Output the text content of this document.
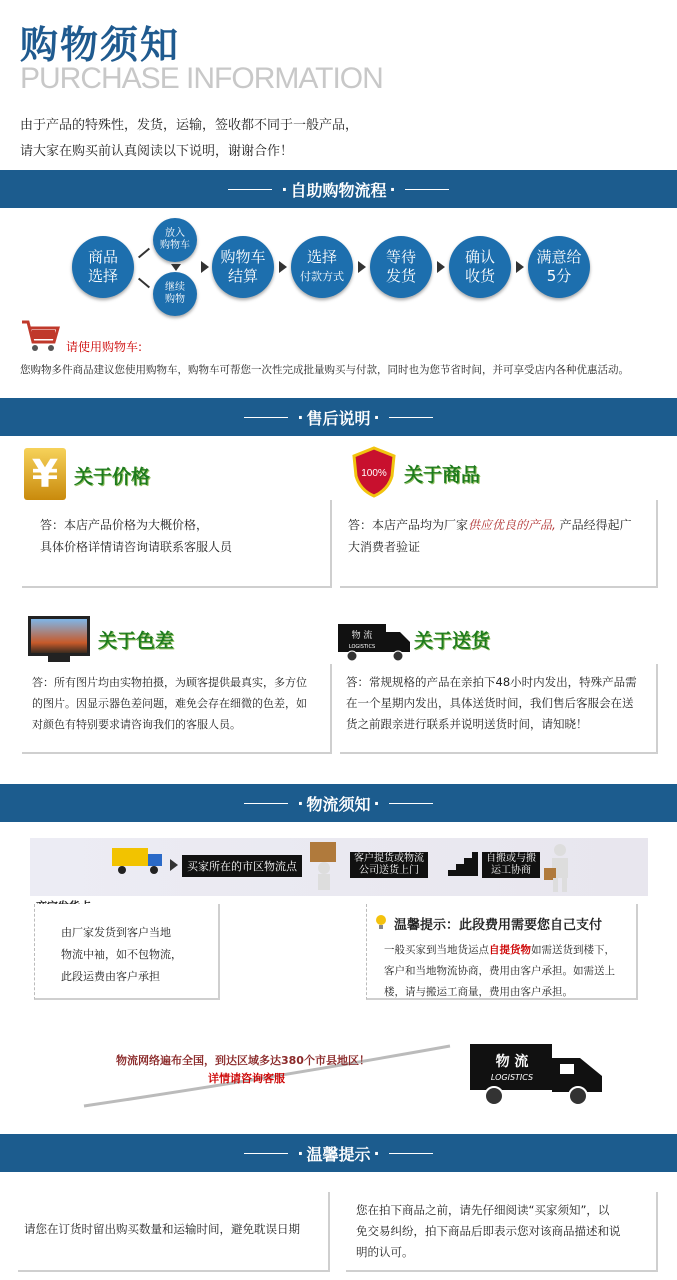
购物须知
PURCHASE INFORMATION
由于产品的特殊性，发货，运输，签收都不同于一般产品，
请大家在购买前认真阅读以下说明，谢谢合作！
· 自助购物流程 ·
商品
选择
放入
购物车
继续
购物
购物车
结算
选择
付款方式
等待
发货
确认
收货
满意给
5分
请使用购物车:
您购物多件商品建议您使用购物车，购物车可帮您一次性完成批量购买与付款，同时也为您节省时间，并可享受店内各种优惠活动。
· 售后说明 ·
¥ 关于价格
答：本店产品价格为大概价格，
具体价格详情请咨询请联系客服人员
100% 关于商品
答：本店产品均为厂家供应优良的产品, 产品经得起广
大消费者验证
关于色差
答：所有图片均由实物拍摄，为顾客提供最真实，多方位
的图片。因显示器色差问题，难免会存在细微的色差，如
对颜色有特别要求请咨询我们的客服人员。
物 流
LOGISTICS 关于送货
答：常规规格的产品在亲拍下48小时内发出，特殊产品需
在一个星期内发出，具体送货时间，我们售后客服会在送
货之前跟亲进行联系并说明送货时间，请知晓！
· 物流须知 ·
买家所在的市区物流点
客户提货或物流
公司送货上门
自搬或与搬
运工协商
由厂家发货到客户当地
物流中袖，如不包物流，
此段运费由客户承担
温馨提示：此段费用需要您自己支付
一般买家到当地货运点自提货物如需送货到楼下，
客户和当地物流协商，费用由客户承担。如需送上
楼，请与搬运工商量，费用由客户承担。
物流网络遍布全国，到达区域多达380个市县地区！
详情请咨询客服
物 流
LOGISTICS
· 温馨提示 ·
请您在订货时留出购买数量和运输时间，避免耽误日期
您在拍下商品之前，请先仔细阅读“买家须知”，以
免交易纠纷，拍下商品后即表示您对该商品描述和说
明的认可。
